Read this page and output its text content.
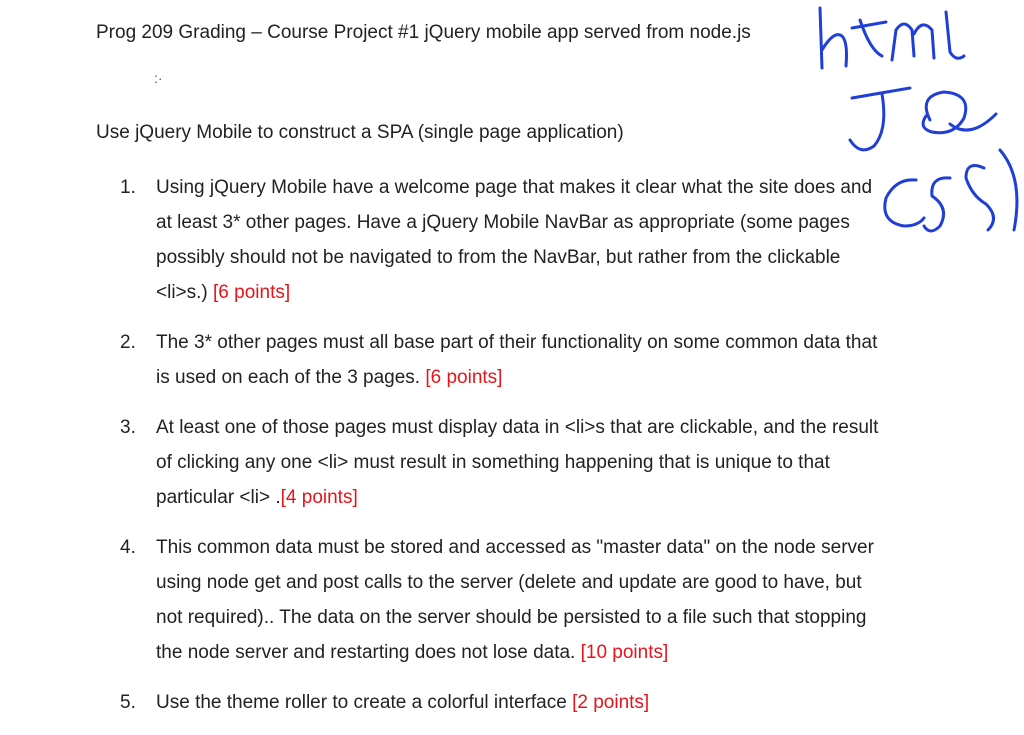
Prog 209 Grading – Course Project #1 jQuery mobile app served from node.js
:·
Use jQuery Mobile to construct a SPA (single page application)
1.	Using jQuery Mobile have a welcome page that makes it clear what the site does and at least 3* other pages. Have a jQuery Mobile NavBar as appropriate (some pages possibly should not be navigated to from the NavBar, but rather from the clickable <li>s.) [6 points]
2.	The 3* other pages must all base part of their functionality on some common data that is used on each of the 3 pages. [6 points]
3.	At least one of those pages must display data in <li>s that are clickable, and the result of clicking any one <li> must result in something happening that is unique to that particular <li> .[4 points]
4.	This common data must be stored and accessed as "master data" on the node server using node get and post calls to the server (delete and update are good to have, but not required).. The data on the server should be persisted to a file such that stopping the node server and restarting does not lose data. [10 points]
5.	Use the theme roller to create a colorful interface [2 points]
